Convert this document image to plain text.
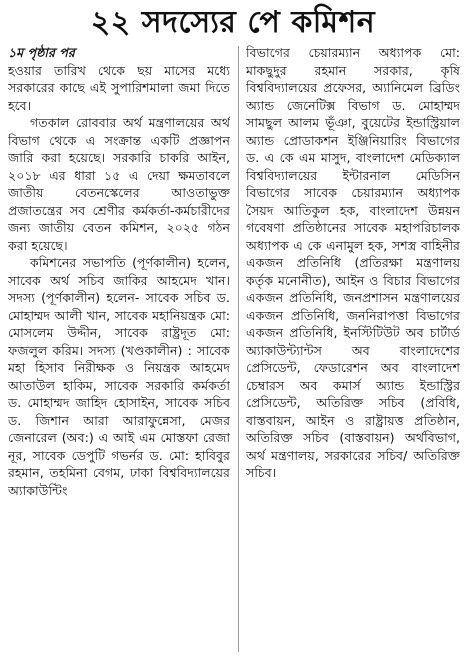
২২ সদস্যের পে কমিশন

১ম পৃষ্ঠার পর

হওয়ার তারিখ থেকে ছয় মাসের মধ্যে সরকারের কাছে এই সুপারিশমালা জমা দিতে হবে।

গতকাল রোববার অর্থ মন্ত্রণালয়ের অর্থ বিভাগ থেকে এ সংক্রান্ত একটি প্রজ্ঞাপন জারি করা হয়েছে। সরকারি চাকরি আইন, ২০১৮ এর ধারা ১৫ এ দেয়া ক্ষমতাবলে জাতীয় বেতনস্কেলের আওতাভুক্ত প্রজাতন্ত্রের সব শ্রেণীর কর্মকর্তা-কর্মচারীদের জন্য জাতীয় বেতন কমিশন, ২০২৫ গঠন করা হয়েছে।

কমিশনের সভাপতি (পূর্ণকালীন) হলেন, সাবেক অর্থ সচিব জাকির আহমেদ খান। সদস্য (পূর্ণকালীন) হলেন- সাবেক সচিব ড. মোহাম্মদ আলী খান, সাবেক মহানিয়ন্ত্রক মো: মোসলেম উদ্দীন, সাবেক রাষ্ট্রদূত মো: ফজলুল করিম। সদস্য (খণ্ডকালীন) : সাবেক মহা হিসাব নিরীক্ষক ও নিয়ন্ত্রক আহমেদ আতাউল হাকিম, সাবেক সরকারি কর্মকর্তা ড. মোহাম্মদ জাহিদ হোসাইন, সাবেক সচিব ড. জিশান আরা আরাফুন্নেসা, মেজর জেনারেল (অব:) এ আই এম মোস্তফা রেজা নূর, সাবেক ডেপুটি গভর্নর ড. মো: হাবিবুর রহমান, তহমিনা বেগম, ঢাকা বিশ্ববিদ্যালয়ের অ্যাকাউন্টিং

বিভাগের চেয়ারম্যান অধ্যাপক মো: মাকছুদুর রহমান সরকার, কৃষি বিশ্ববিদ্যালয়ের প্রফেসর, অ্যানিমেল ব্রিডিং অ্যান্ড জেনেটিক্স বিভাগ ড. মোহাম্মদ সামছুল আলম ভূঁঞা, বুয়েটের ইন্ডাস্ট্রিয়াল অ্যান্ড প্রোডাকশন ইঞ্জিনিয়ারিং বিভাগের ড. এ কে এম মাসুদ, বাংলাদেশ মেডিক্যাল বিশ্ববিদ্যালয়ের ইন্টারনাল মেডিসিন বিভাগের সাবেক চেয়ারম্যান অধ্যাপক সৈয়দ আতিকুল হক, বাংলাদেশ উন্নয়ন গবেষণা প্রতিষ্ঠানের সাবেক মহাপরিচালক অধ্যাপক এ কে এনামুল হক, সশস্ত্র বাহিনীর একজন প্রতিনিধি (প্রতিরক্ষা মন্ত্রণালয় কর্তৃক মনোনীত), আইন ও বিচার বিভাগের একজন প্রতিনিধি, জনপ্রশাসন মন্ত্রণালয়ের একজন প্রতিনিধি, জননিরাপত্তা বিভাগের একজন প্রতিনিধি, ইনস্টিটিউট অব চার্টার্ড অ্যাকাউন্ট্যান্টস অব বাংলাদেশের প্রেসিডেন্ট, ফেডারেশন অব বাংলাদেশ চেম্বারস অব কমার্স অ্যান্ড ইন্ডাস্ট্রির প্রেসিডেন্ট, অতিরিক্ত সচিব (প্রবিধি, বাস্তবায়ন, আইন ও রাষ্ট্রায়ত্ত প্রতিষ্ঠান, অতিরিক্ত সচিব (বাস্তবায়ন) অর্থবিভাগ, অর্থ মন্ত্রণালয়, সরকারের সচিব/ অতিরিক্ত সচিব।
